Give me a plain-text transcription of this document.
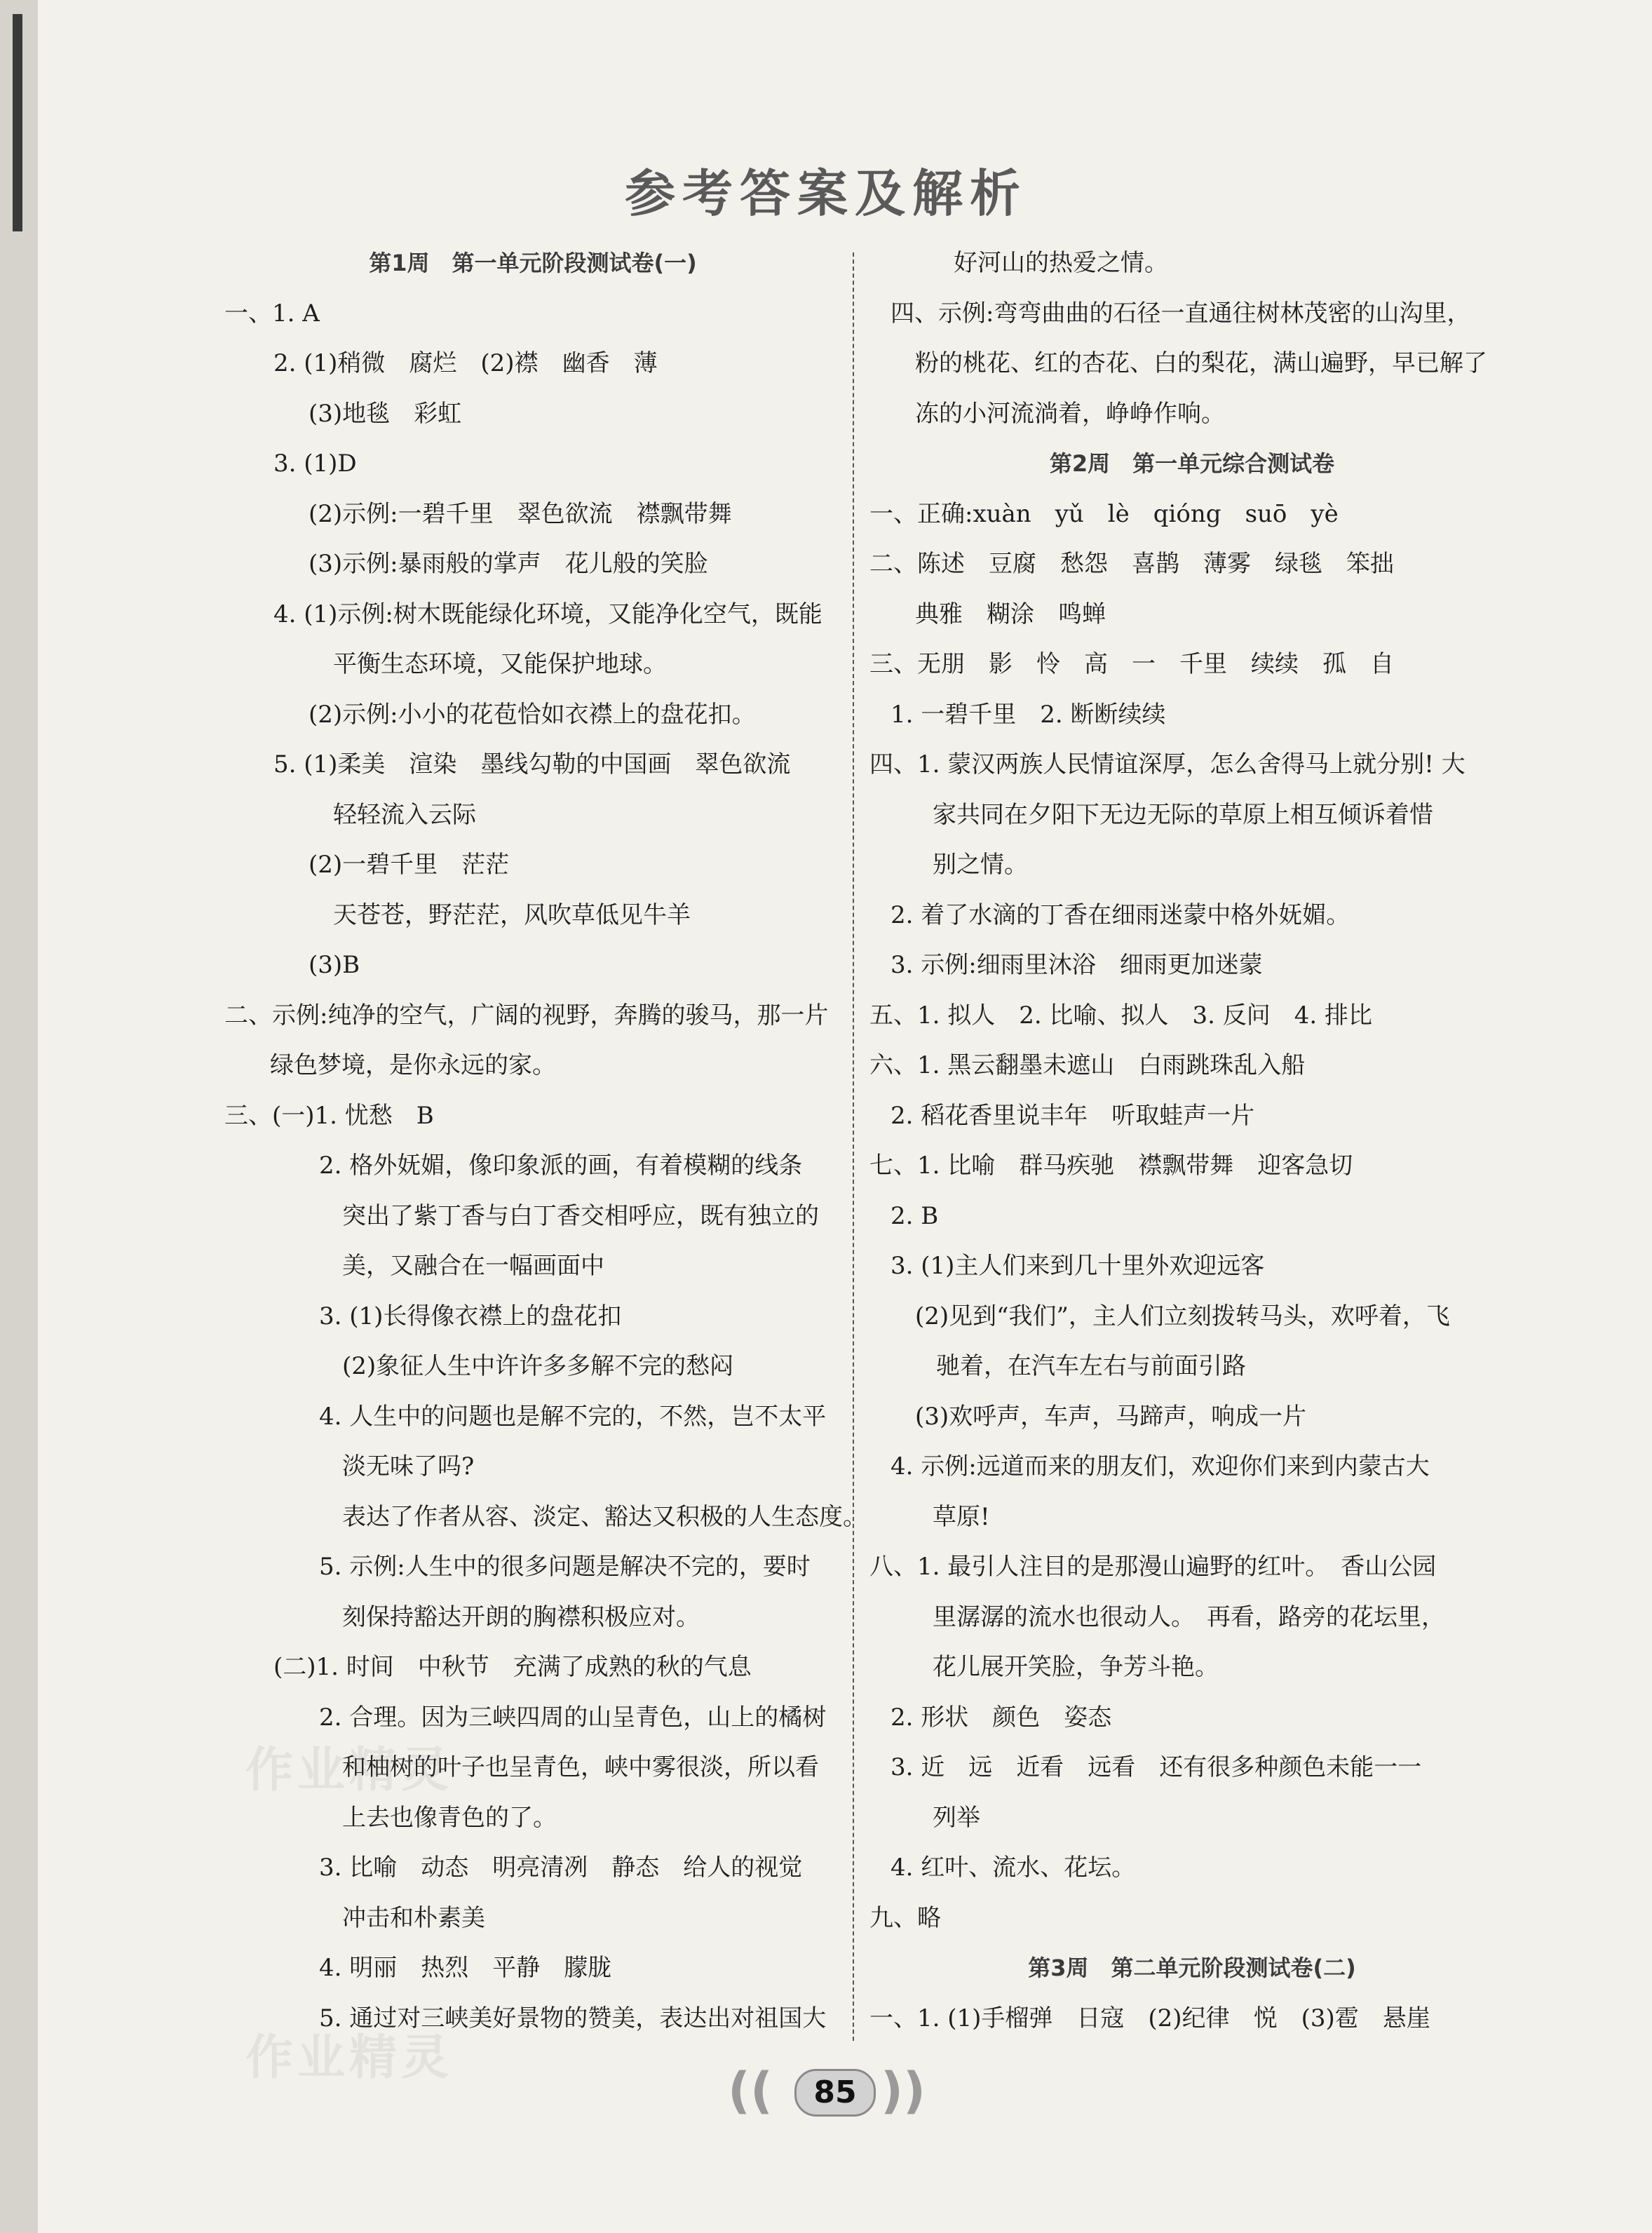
参考答案及解析
作业精灵
作业精灵
第1周　第一单元阶段测试卷(一)
一、1. A
2. (1)稍微　腐烂　(2)襟　幽香　薄
(3)地毯　彩虹
3. (1)D
(2)示例:一碧千里　翠色欲流　襟飘带舞
(3)示例:暴雨般的掌声　花儿般的笑脸
4. (1)示例:树木既能绿化环境，又能净化空气，既能
平衡生态环境，又能保护地球。
(2)示例:小小的花苞恰如衣襟上的盘花扣。
5. (1)柔美　渲染　墨线勾勒的中国画　翠色欲流
轻轻流入云际
(2)一碧千里　茫茫
天苍苍，野茫茫，风吹草低见牛羊
(3)B
二、示例:纯净的空气，广阔的视野，奔腾的骏马，那一片
绿色梦境，是你永远的家。
三、(一)1. 忧愁　B
2. 格外妩媚，像印象派的画，有着模糊的线条
突出了紫丁香与白丁香交相呼应，既有独立的
美，又融合在一幅画面中
3. (1)长得像衣襟上的盘花扣
(2)象征人生中许许多多解不完的愁闷
4. 人生中的问题也是解不完的，不然，岂不太平
淡无味了吗?
表达了作者从容、淡定、豁达又积极的人生态度。
5. 示例:人生中的很多问题是解决不完的，要时
刻保持豁达开朗的胸襟积极应对。
(二)1. 时间　中秋节　充满了成熟的秋的气息
2. 合理。因为三峡四周的山呈青色，山上的橘树
和柚树的叶子也呈青色，峡中雾很淡，所以看
上去也像青色的了。
3. 比喻　动态　明亮清冽　静态　给人的视觉
冲击和朴素美
4. 明丽　热烈　平静　朦胧
5. 通过对三峡美好景物的赞美，表达出对祖国大
好河山的热爱之情。
四、示例:弯弯曲曲的石径一直通往树林茂密的山沟里，
粉的桃花、红的杏花、白的梨花，满山遍野，早已解了
冻的小河流淌着，峥峥作响。
第2周　第一单元综合测试卷
一、正确:xuàn　yǔ　lè　qióng　suō　yè
二、陈述　豆腐　愁怨　喜鹊　薄雾　绿毯　笨拙
典雅　糊涂　鸣蝉
三、无朋　影　怜　高　一　千里　续续　孤　自
1. 一碧千里　2. 断断续续
四、1. 蒙汉两族人民情谊深厚，怎么舍得马上就分别! 大
家共同在夕阳下无边无际的草原上相互倾诉着惜
别之情。
2. 着了水滴的丁香在细雨迷蒙中格外妩媚。
3. 示例:细雨里沐浴　细雨更加迷蒙
五、1. 拟人　2. 比喻、拟人　3. 反问　4. 排比
六、1. 黑云翻墨未遮山　白雨跳珠乱入船
2. 稻花香里说丰年　听取蛙声一片
七、1. 比喻　群马疾驰　襟飘带舞　迎客急切
2. B
3. (1)主人们来到几十里外欢迎远客
(2)见到“我们”，主人们立刻拨转马头，欢呼着，飞
驰着，在汽车左右与前面引路
(3)欢呼声，车声，马蹄声，响成一片
4. 示例:远道而来的朋友们，欢迎你们来到内蒙古大
草原!
八、1. 最引人注目的是那漫山遍野的红叶。　香山公园
里潺潺的流水也很动人。　再看，路旁的花坛里，
花儿展开笑脸，争芳斗艳。
2. 形状　颜色　姿态
3. 近　远　近看　远看　还有很多种颜色未能一一
列举
4. 红叶、流水、花坛。
九、略
第3周　第二单元阶段测试卷(二)
一、1. (1)手榴弹　日寇　(2)纪律　悦　(3)雹　悬崖
((	85 ))
